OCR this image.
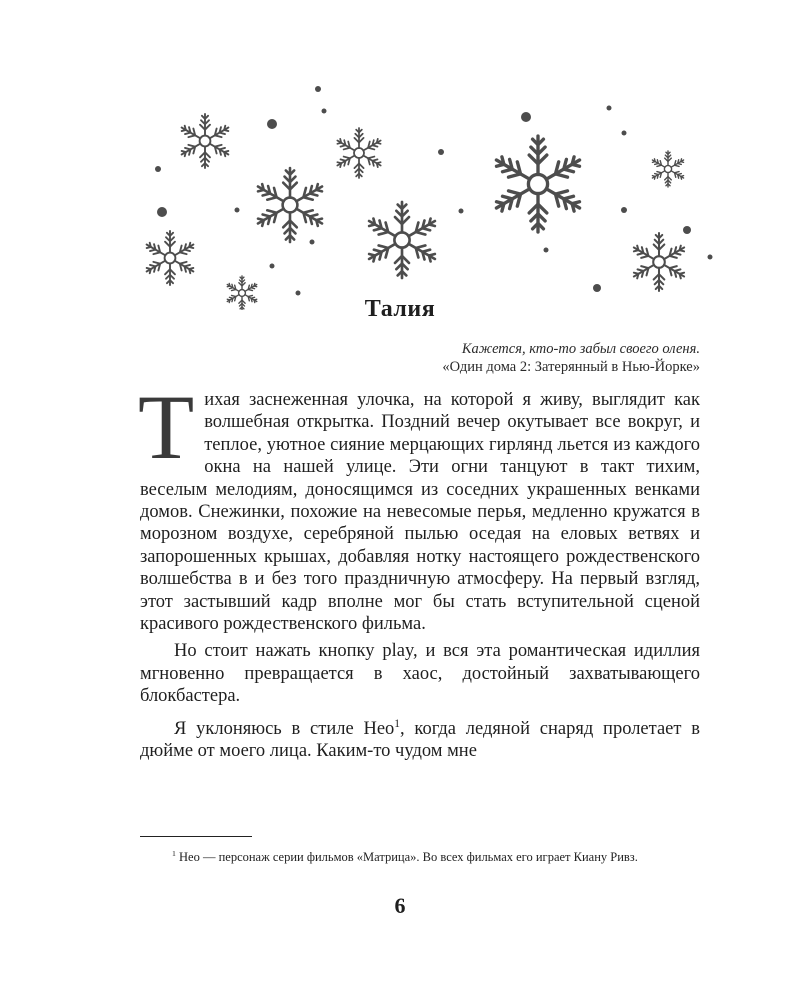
Талия
Кажется, кто-то забыл своего оленя.
«Один дома 2: Затерянный в Нью-Йорке»

Тихая заснеженная улочка, на которой я живу, выглядит как волшебная открытка. Поздний вечер окутывает все вокруг, и теплое, уютное сияние мерцающих гирлянд льется из каждого окна на нашей улице. Эти огни танцуют в такт тихим, веселым мелодиям, доносящимся из соседних украшенных венками домов. Снежинки, похожие на невесомые перья, медленно кружатся в морозном воздухе, серебряной пылью оседая на еловых ветвях и запорошенных крышах, добавляя нотку настоящего рождественского волшебства в и без того праздничную атмосферу. На первый взгляд, этот застывший кадр вполне мог бы стать вступительной сценой красивого рождественского фильма.

Но стоит нажать кнопку play, и вся эта романтическая идиллия мгновенно превращается в хаос, достойный захватывающего блокбастера.

Я уклоняюсь в стиле Нео$^1$, когда ледяной снаряд пролетает в дюйме от моего лица. Каким-то чудом мне

$^1$ Нео — персонаж серии фильмов «Матрица». Во всех фильмах его играет Киану Ривз.
6
